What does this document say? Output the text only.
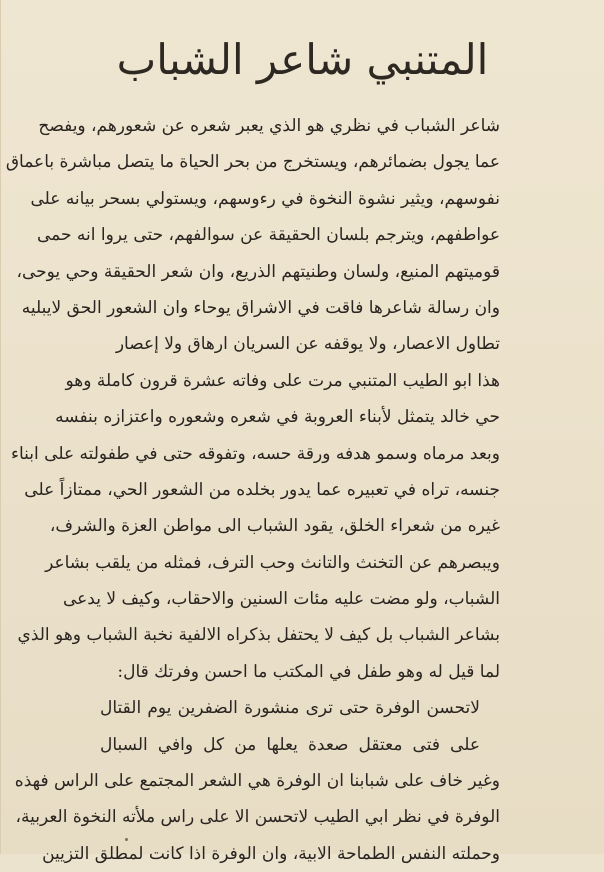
المتنبي شاعر الشباب
شاعر الشباب في نظري هو الذي يعبر شعره عن شعورهم، ويفصح
عما يجول بضمائرهم، ويستخرج من بحر الحياة ما يتصل مباشرة باعماق
نفوسهم، ويثير نشوة النخوة في رءوسهم، ويستولي بسحر بيانه على
عواطفهم، ويترجم بلسان الحقيقة عن سوالفهم، حتى يروا انه حمى
قوميتهم المنيع، ولسان وطنيتهم الذريع، وان شعر الحقيقة وحي يوحى،
وان رسالة شاعرها فاقت في الاشراق يوحاء وان الشعور الحق لايبليه
تطاول الاعصار، ولا يوقفه عن السريان ارهاق ولا إعصار
هذا ابو الطيب المتنبي مرت على وفاته عشرة قرون كاملة وهو
حي خالد يتمثل لأبناء العروبة في شعره وشعوره واعتزازه بنفسه
وبعد مرماه وسمو هدفه ورقة حسه، وتفوقه حتى في طفولته على ابناء
جنسه، تراه في تعبيره عما يدور بخلده من الشعور الحي، ممتازاً على
غيره من شعراء الخلق، يقود الشباب الى مواطن العزة والشرف،
ويبصرهم عن التخنث والتانث وحب الترف، فمثله من يلقب بشاعر
الشباب، ولو مضت عليه مئات السنين والاحقاب، وكيف لا يدعى
بشاعر الشباب بل كيف لا يحتفل بذكراه الالفية نخبة الشباب وهو الذي
لما قيل له وهو طفل في المكتب ما احسن وفرتك قال:
لاتحسن الوفرة حتى ترى منشورة الضفرين يوم القتال
على فتى معتقل صعدة يعلها من كل وافي السبال
وغير خاف على شبابنا ان الوفرة هي الشعر المجتمع على الراس فهذه
الوفرة في نظر ابي الطيب لاتحسن الا على راس ملأته النخوة العربية،
وحملته النفس الطماحة الابية، وان الوفرة اذا كانت لمطلق التزيين
